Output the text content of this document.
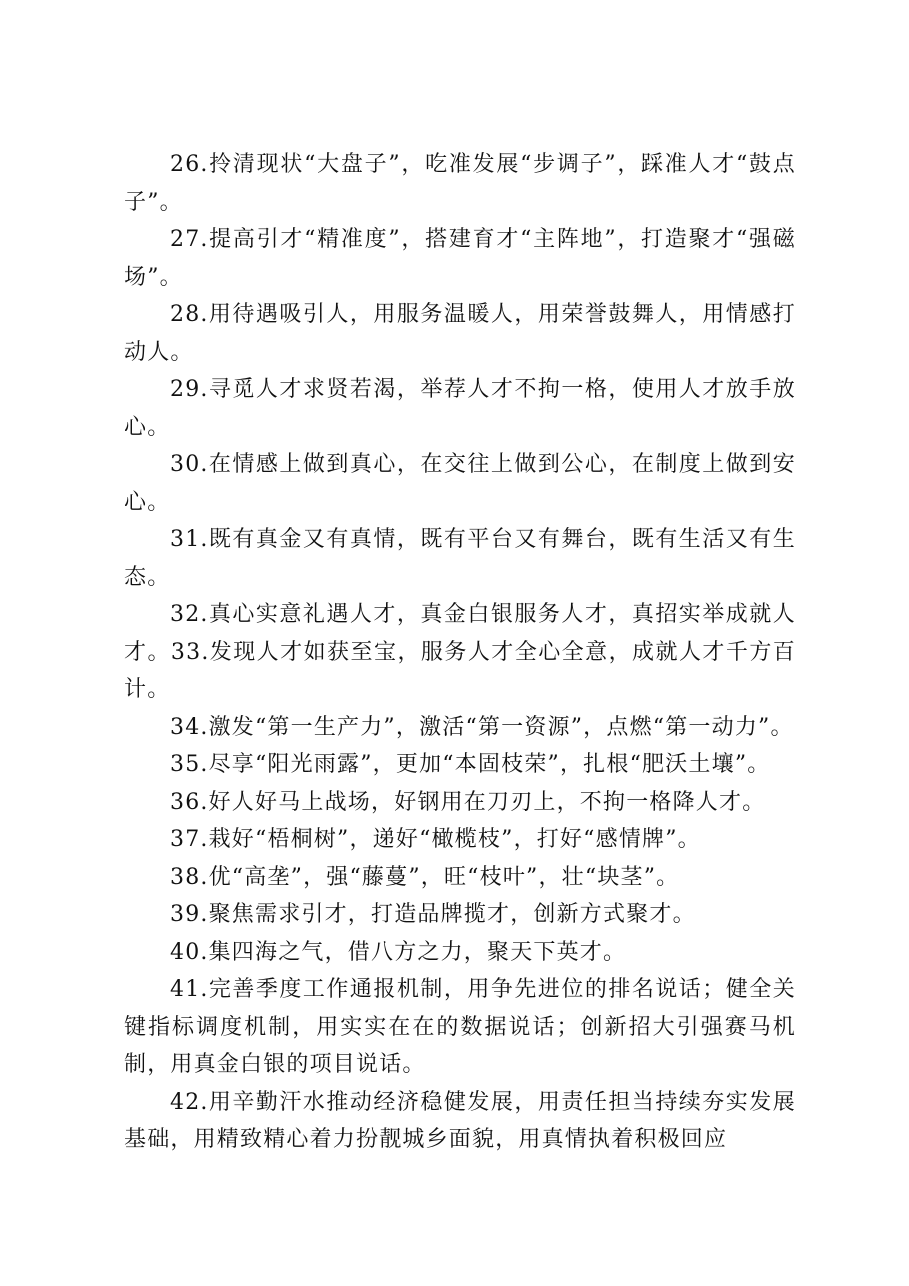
26.拎清现状“大盘子”，吃准发展“步调子”，踩准人才“鼓点子”。

27.提高引才“精准度”，搭建育才“主阵地”，打造聚才“强磁场”。

28.用待遇吸引人，用服务温暖人，用荣誉鼓舞人，用情感打动人。

29.寻觅人才求贤若渴，举荐人才不拘一格，使用人才放手放心。

30.在情感上做到真心，在交往上做到公心，在制度上做到安心。

31.既有真金又有真情，既有平台又有舞台，既有生活又有生态。

32.真心实意礼遇人才，真金白银服务人才，真招实举成就人才。33.发现人才如获至宝，服务人才全心全意，成就人才千方百计。

34.激发“第一生产力”，激活“第一资源”，点燃“第一动力”。

35.尽享“阳光雨露”，更加“本固枝荣”，扎根“肥沃土壤”。

36.好人好马上战场，好钢用在刀刃上，不拘一格降人才。

37.栽好“梧桐树”，递好“橄榄枝”，打好“感情牌”。

38.优“高垄”，强“藤蔓”，旺“枝叶”，壮“块茎”。

39.聚焦需求引才，打造品牌揽才，创新方式聚才。

40.集四海之气，借八方之力，聚天下英才。

41.完善季度工作通报机制，用争先进位的排名说话；健全关键指标调度机制，用实实在在的数据说话；创新招大引强赛马机制，用真金白银的项目说话。

42.用辛勤汗水推动经济稳健发展，用责任担当持续夯实发展基础，用精致精心着力扮靓城乡面貌，用真情执着积极回应
